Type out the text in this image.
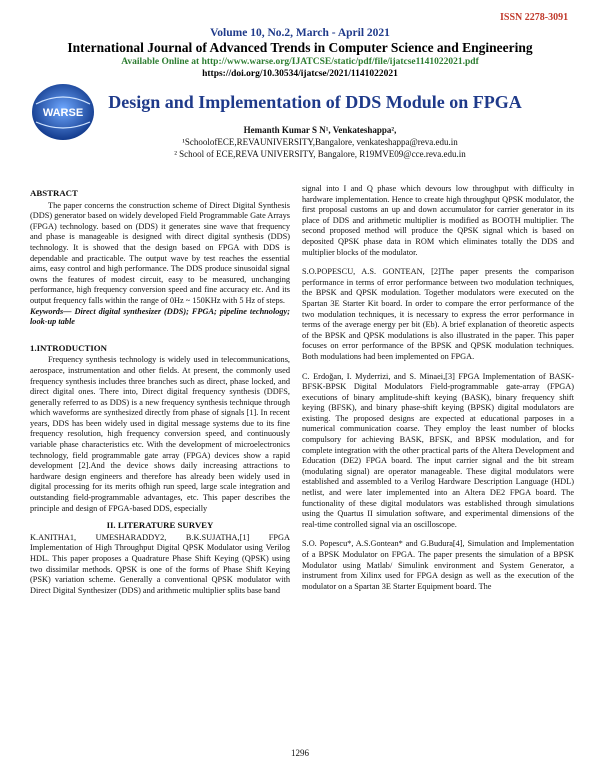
ISSN 2278-3091
Volume 10, No.2, March - April 2021
International Journal of Advanced Trends in Computer Science and Engineering
Available Online at http://www.warse.org/IJATCSE/static/pdf/file/ijatcse1141022021.pdf
https://doi.org/10.30534/ijatcse/2021/1141022021
WARSE
Design and Implementation of DDS Module on FPGA
Hemanth Kumar S N¹, Venkateshappa²,
¹SchoolofECE,REVAUNIVERSITY,Bangalore, venkateshappa@reva.edu.in
² School of ECE,REVA UNIVERSITY, Bangalore, R19MVE09@cce.reva.edu.in
ABSTRACT

The paper concerns the construction scheme of Direct Digital Synthesis (DDS) generator based on widely developed Field Programmable Gate Arrays (FPGA) technology. based on (DDS) it generates sine wave that frequency and phase is manageable is designed with direct digital synthesis (DDS) technology. It is showed that the design based on FPGA with DDS is dependable and practicable. The output wave by test reaches the essential aims, easy control and high performance. The DDS produce sinusoidal signal owns the features of modest circuit, easy to be measured, unchanging performance, high frequency conversion speed and fine accuracy etc. And its output frequency falls within the range of 0Hz ~ 150KHz with 5 Hz of steps.

Keywords— Direct digital synthesizer (DDS); FPGA; pipeline technology; look-up table

1.INTRODUCTION

Frequency synthesis technology is widely used in telecommunications, aerospace, instrumentation and other fields. At present, the commonly used frequency synthesis includes three branches such as direct, phase locked, and direct digital ones. There into, Direct digital frequency synthesis (DDFS, generally referred to as DDS) is a new frequency synthesis technique through which waveforms are synthesized directly from phase of signals [1]. In recent years, DDS has been widely used in digital message systems due to its fine frequency resolution, high frequency conversion speed, and continuously variable phase characteristics etc. With the development of microelectronics technology, field programmable gate array (FPGA) devices show a rapid development [2].And the device shows daily increasing attractions to hardware design engineers and therefore has already been widely used in digital processing for its merits ofhigh run speed, large scale integration and outstanding field-programmable advantages, etc. This paper describes the principle and design of FPGA-based DDS, especially

II. LITERATURE SURVEY

K.ANITHA1, UMESHARADDY2, B.K.SUJATHA,[1] FPGA Implementation of High Throughput Digital QPSK Modulator using Verilog HDL. This paper proposes a Quadrature Phase Shift Keying (QPSK) using two dissimilar methods. QPSK is one of the forms of Phase Shift Keying (PSK) variation scheme. Generally a conventional QPSK modulator with Direct Digital Synthesizer (DDS) and arithmetic multiplier splits base band

signal into I and Q phase which devours low throughput with difficulty in hardware implementation. Hence to create high throughput QPSK modulator, the first proposal customs an up and down accumulator for carrier generator in its place of DDS and arithmetic multiplier is modified as BOOTH multiplier. The second proposed method will produce the QPSK signal which is based on deposited QPSK phase data in ROM which eliminates totally the DDS and multiplier blocks of the modulator.

S.O.POPESCU, A.S. GONTEAN, [2]The paper presents the comparison performance in terms of error performance between two modulation techniques, the BPSK and QPSK modulation. Together modulators were executed on the Spartan 3E Starter Kit board. In order to compare the error performance of the two modulation techniques, it is necessary to express the error performance in terms of the average energy per bit (Eb). A brief explanation of theoretic aspects of the BPSK and QPSK modulations is also illustrated in the paper. This paper focuses on error performance of the BPSK and QPSK modulation techniques. Both modulations had been implemented on FPGA.

C. Erdoğan, I. Myderrizi, and S. Minaei,[3] FPGA Implementation of BASK-BFSK-BPSK Digital Modulators Field-programmable gate-array (FPGA) executions of binary amplitude-shift keying (BASK), binary frequency shift keying (BFSK), and binary phase-shift keying (BPSK) digital modulators are existing. The proposed designs are expected at educational parposes in a numerical communication coarse. They employ the least number of blocks compulsory for achieving BASK, BFSK, and BPSK modulation, and for complete integration with the other practical parts of the Altera Development and Education (DE2) FPGA board. The input carrier signal and the bit stream (modulating signal) are operator manageable. These digital modulators were established and assembled to a Verilog Hardware Description Language (HDL) netlist, and were later implemented into an Altera DE2 FPGA board. The functionality of these digital modulators was established through simulations using the Quartus II simulation software, and experimental dimensions of the real-time controlled signal via an oscilloscope.

S.O. Popescu*, A.S.Gontean* and G.Budura[4], Simulation and Implementation of a BPSK Modulator on FPGA. The paper presents the simulation of a BPSK Modulator using Matlab/ Simulink environment and System Generator, a instrument from Xilinx used for FPGA design as well as the execution of the modulator on a Spartan 3E Starter Equipment board. The

1296
